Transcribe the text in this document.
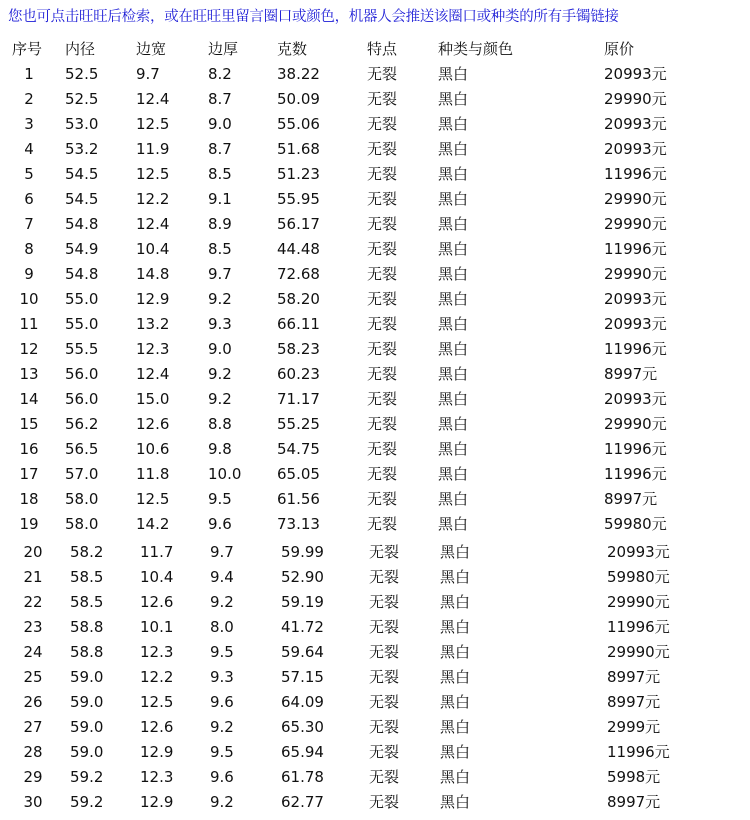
您也可点击旺旺后检索，或在旺旺里留言圈口或颜色，机器人会推送该圈口或种类的所有手镯链接
序号 内径	边宽	边厚	克数	特点	种类与颜色	原价
1	52.5	9.7	8.2	38.22	无裂	黑白	20993元
2	52.5	12.4	8.7	50.09	无裂	黑白	29990元
3	53.0	12.5	9.0	55.06	无裂	黑白	20993元
4	53.2	11.9	8.7	51.68	无裂	黑白	20993元
5	54.5	12.5	8.5	51.23	无裂	黑白	11996元
6	54.5	12.2	9.1	55.95	无裂	黑白	29990元
7	54.8	12.4	8.9	56.17	无裂	黑白	29990元
8	54.9	10.4	8.5	44.48	无裂	黑白	11996元
9	54.8	14.8	9.7	72.68	无裂	黑白	29990元
10	55.0	12.9	9.2	58.20	无裂	黑白	20993元
11	55.0	13.2	9.3	66.11	无裂	黑白	20993元
12	55.5	12.3	9.0	58.23	无裂	黑白	11996元
13	56.0	12.4	9.2	60.23	无裂	黑白	8997元
14	56.0	15.0	9.2	71.17	无裂	黑白	20993元
15	56.2	12.6	8.8	55.25	无裂	黑白	29990元
16	56.5	10.6	9.8	54.75	无裂	黑白	11996元
17	57.0	11.8	10.0 65.05	无裂	黑白	11996元
18	58.0	12.5	9.5	61.56	无裂	黑白	8997元
19	58.0	14.2	9.6	73.13	无裂	黑白	59980元
20	58.2 11.7 9.7	59.99	无裂	黑白	20993元
21	58.5 10.4 9.4	52.90	无裂	黑白	59980元
22	58.5 12.6 9.2	59.19	无裂	黑白	29990元
23	58.8 10.1 8.0	41.72	无裂	黑白	11996元
24	58.8 12.3 9.5	59.64	无裂	黑白	29990元
25	59.0 12.2 9.3	57.15	无裂	黑白	8997元
26	59.0 12.5 9.6	64.09	无裂	黑白	8997元
27	59.0 12.6 9.2	65.30	无裂	黑白	2999元
28	59.0 12.9 9.5	65.94	无裂	黑白	11996元
29	59.2 12.3 9.6	61.78	无裂	黑白	5998元
30	59.2 12.9 9.2	62.77	无裂	黑白	8997元
